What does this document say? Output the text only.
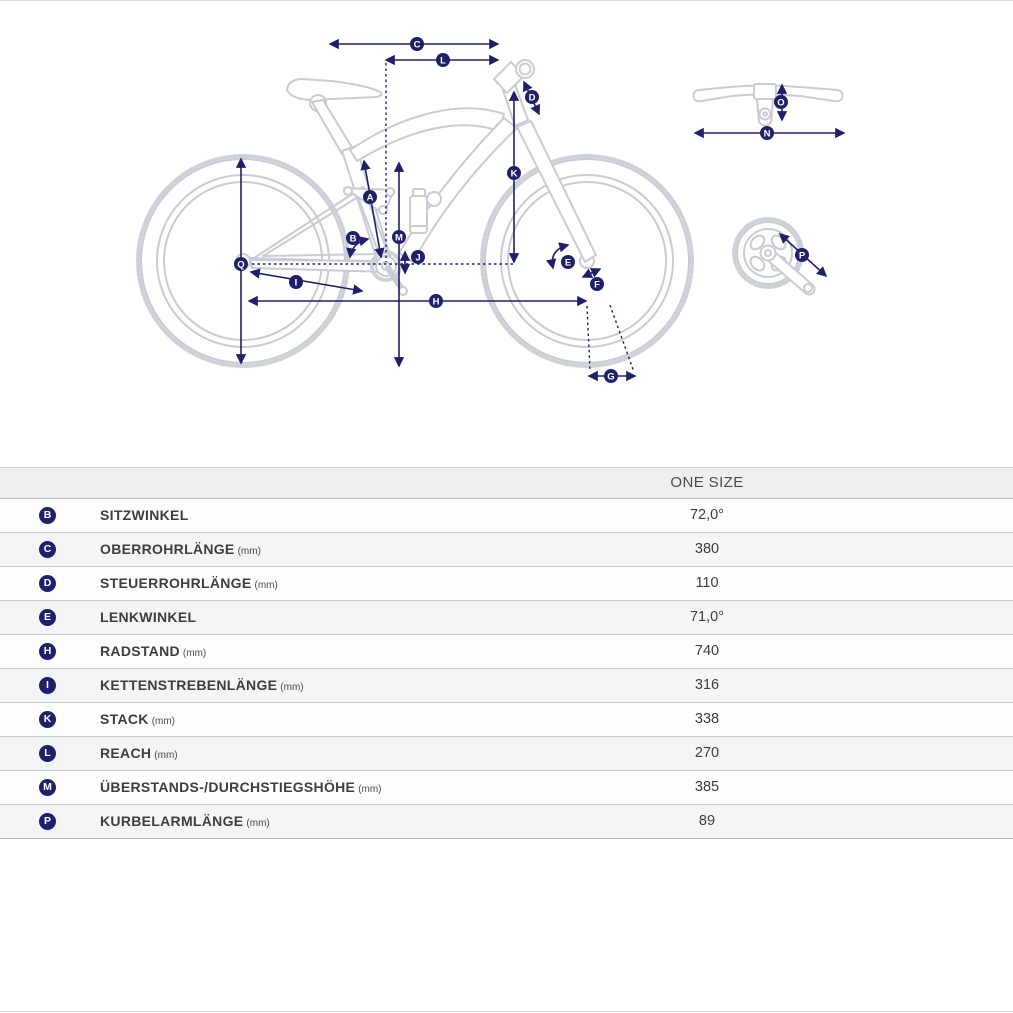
C
L
D
K
A
B	M
J
Q
I
E
F
H
G
O
N
P
ONE SIZE
B	SITZWINKEL	72,0°
C	OBERROHRLÄNGE (mm)	380
D	STEUERROHRLÄNGE (mm)	110
E	LENKWINKEL	71,0°
H	RADSTAND (mm)	740
I	KETTENSTREBENLÄNGE (mm)	316
K	STACK (mm)	338
L	REACH (mm)	270
M	ÜBERSTANDS-/DURCHSTIEGSHÖHE (mm)	385
P	KURBELARMLÄNGE (mm)	89
